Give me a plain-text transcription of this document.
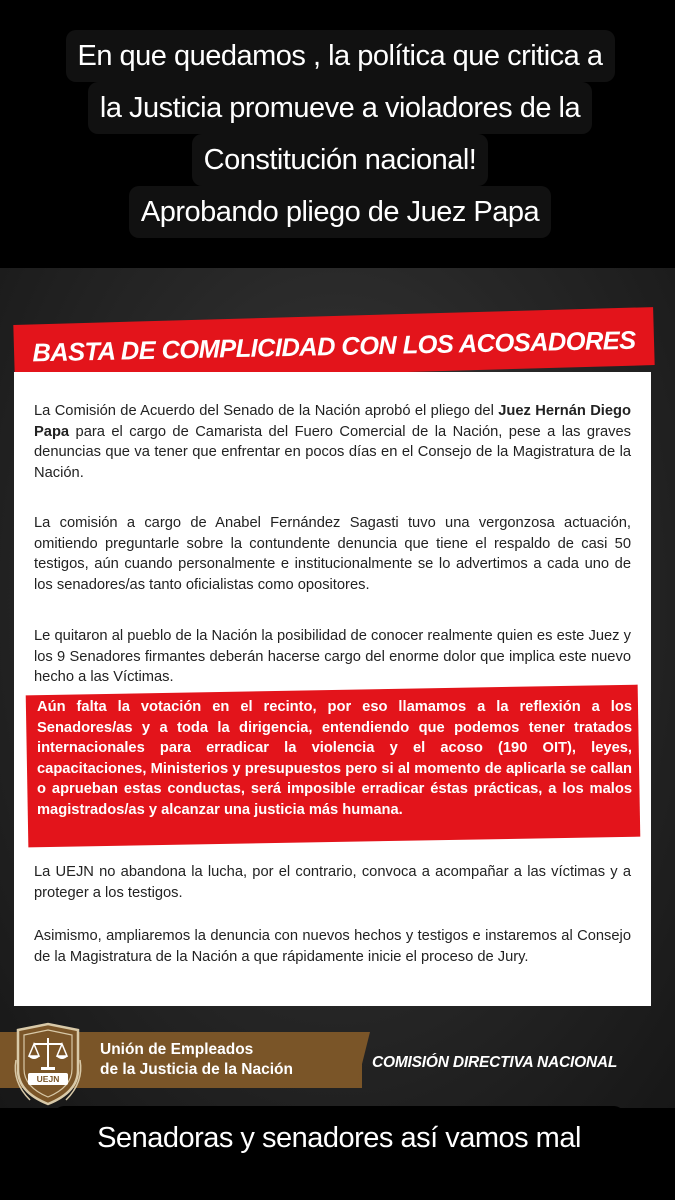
En que quedamos , la política que critica a
la Justicia promueve a violadores de la
Constitución nacional!
Aprobando pliego de Juez Papa
BASTA DE COMPLICIDAD CON LOS ACOSADORES
La Comisión de Acuerdo del Senado de la Nación aprobó el pliego del Juez Hernán Diego Papa para el cargo de Camarista del Fuero Comercial de la Nación, pese a las graves denuncias que va tener que enfrentar en pocos días en el Consejo de la Magistratura de la Nación.
La comisión a cargo de Anabel Fernández Sagasti tuvo una vergonzosa actuación, omitiendo preguntarle sobre la contundente denuncia que tiene el respaldo de casi 50 testigos, aún cuando personalmente e institucionalmente se lo advertimos a cada uno de los senadores/as tanto oficialistas como opositores.
Le quitaron al pueblo de la Nación la posibilidad de conocer realmente quien es este Juez y los 9 Senadores firmantes deberán hacerse cargo del enorme dolor que implica este nuevo hecho a las Víctimas.
Aún falta la votación en el recinto, por eso llamamos a la reflexión a los Senadores/as y a toda la dirigencia, entendiendo que podemos tener tratados internacionales para erradicar la violencia y el acoso (190 OIT), leyes, capacitaciones, Ministerios y presupuestos pero si al momento de aplicarla se callan o aprueban estas conductas, será imposible erradicar éstas prácticas, a los malos magistrados/as y alcanzar una justicia más humana.
La UEJN no abandona la lucha, por el contrario, convoca a acompañar a las víctimas y a proteger a los testigos.
Asimismo, ampliaremos la denuncia con nuevos hechos y testigos e instaremos al Consejo de la Magistratura de la Nación a que rápidamente inicie el proceso de Jury.
UEJN
Unión de Empleados
de la Justicia de la Nación	COMISIÓN DIRECTIVA NACIONAL
Senadoras y senadores así vamos mal
